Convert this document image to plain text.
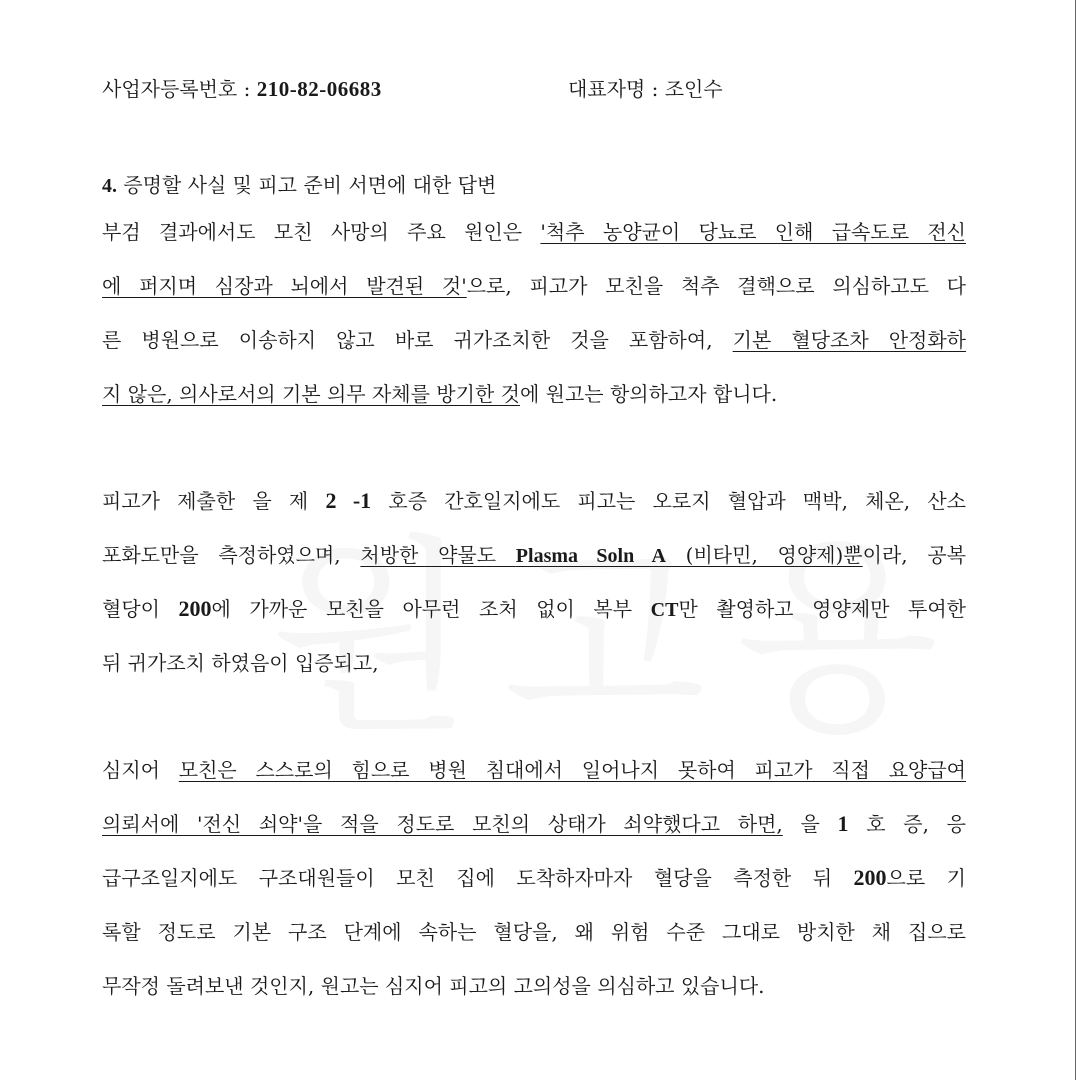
사업자등록번호 : 210-82-06683	대표자명 : 조인수
4. 증명할 사실 및 피고 준비 서면에 대한 답변
부검 결과에서도 모친 사망의 주요 원인은 '척추 농양균이 당뇨로 인해 급속도로 전신
에 퍼지며 심장과 뇌에서 발견된 것'으로, 피고가 모친을 척추 결핵으로 의심하고도 다
른 병원으로 이송하지 않고 바로 귀가조치한 것을 포함하여, 기본 혈당조차 안정화하
지 않은, 의사로서의 기본 의무 자체를 방기한 것에 원고는 항의하고자 합니다.
피고가 제출한 을 제 2 -1 호증 간호일지에도 피고는 오로지 혈압과 맥박, 체온, 산소
포화도만을 측정하였으며, 처방한 약물도 Plasma Soln A (비타민, 영양제)뿐이라, 공복
혈당이 200에 가까운 모친을 아무런 조처 없이 복부 CT만 촬영하고 영양제만 투여한
뒤 귀가조치 하였음이 입증되고,
심지어 모친은 스스로의 힘으로 병원 침대에서 일어나지 못하여 피고가 직접 요양급여
의뢰서에 '전신 쇠약'을 적을 정도로 모친의 상태가 쇠약했다고 하면, 을 1 호 증, 응
급구조일지에도 구조대원들이 모친 집에 도착하자마자 혈당을 측정한 뒤 200으로 기
록할 정도로 기본 구조 단계에 속하는 혈당을, 왜 위험 수준 그대로 방치한 채 집으로
무작정 돌려보낸 것인지, 원고는 심지어 피고의 고의성을 의심하고 있습니다.
